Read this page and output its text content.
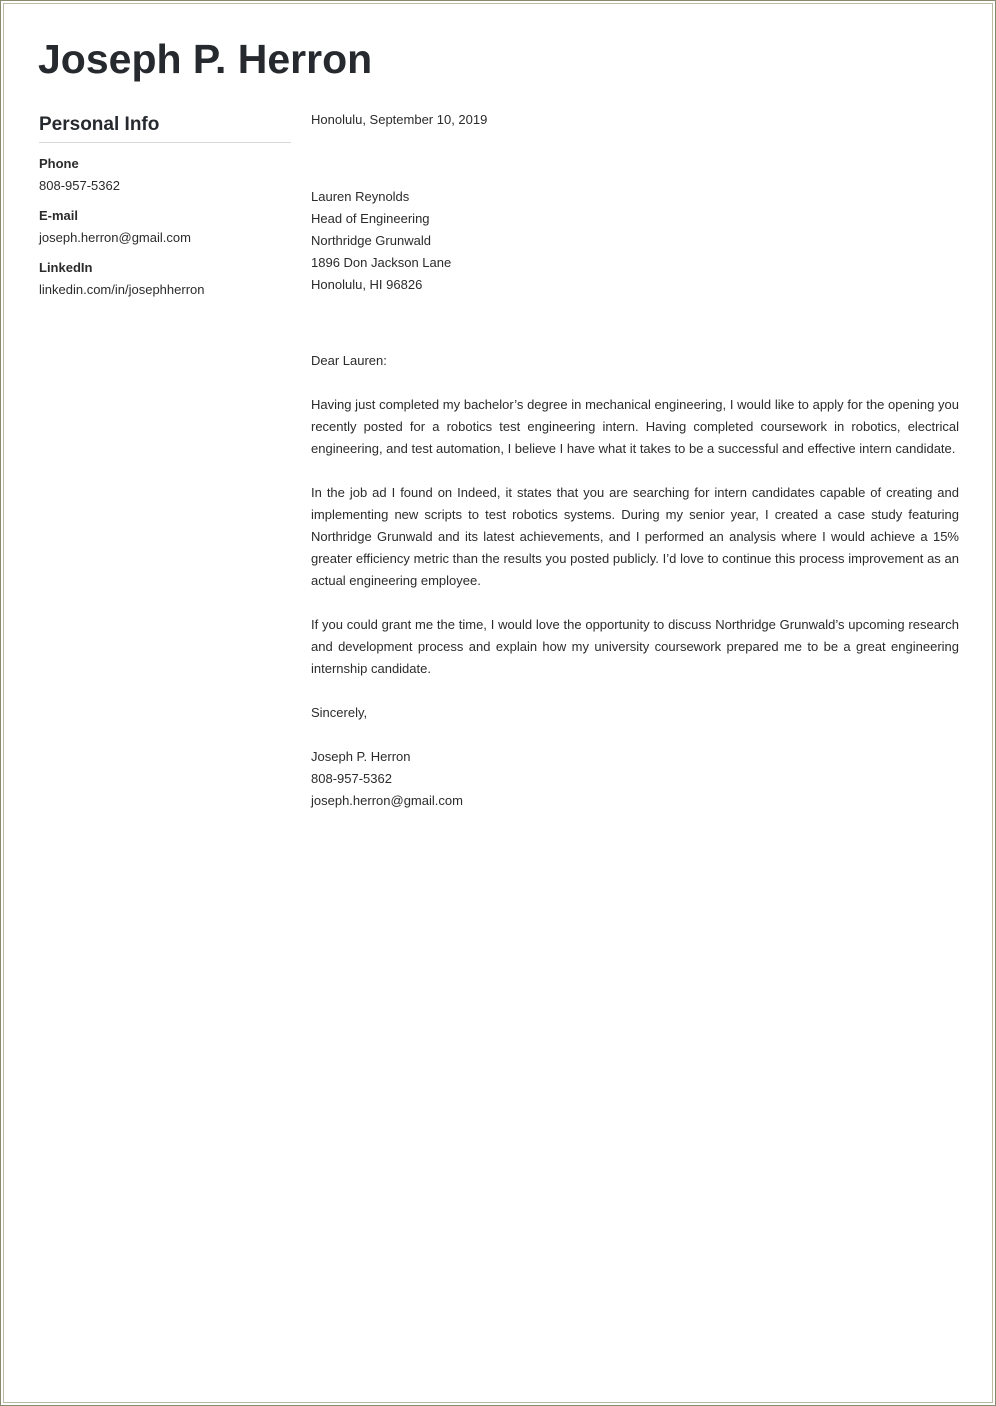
Joseph P. Herron
Personal Info
Phone
808-957-5362
E-mail
joseph.herron@gmail.com
LinkedIn
linkedin.com/in/josephherron
Honolulu, September 10, 2019
Lauren Reynolds
Head of Engineering
Northridge Grunwald
1896 Don Jackson Lane
Honolulu, HI 96826
Dear Lauren:

Having just completed my bachelor’s degree in mechanical engineering, I would like to apply for the opening you recently posted for a robotics test engineering intern. Having completed coursework in robotics, electrical engineering, and test automation, I believe I have what it takes to be a successful and effective intern candidate.

In the job ad I found on Indeed, it states that you are searching for intern candidates capable of creating and implementing new scripts to test robotics systems. During my senior year, I created a case study featuring Northridge Grunwald and its latest achievements, and I performed an analysis where I would achieve a 15% greater efficiency metric than the results you posted publicly. I’d love to continue this process improvement as an actual engineering employee.

If you could grant me the time, I would love the opportunity to discuss Northridge Grunwald’s upcoming research and development process and explain how my university coursework prepared me to be a great engineering internship candidate.

Sincerely,
Joseph P. Herron
808-957-5362
joseph.herron@gmail.com
